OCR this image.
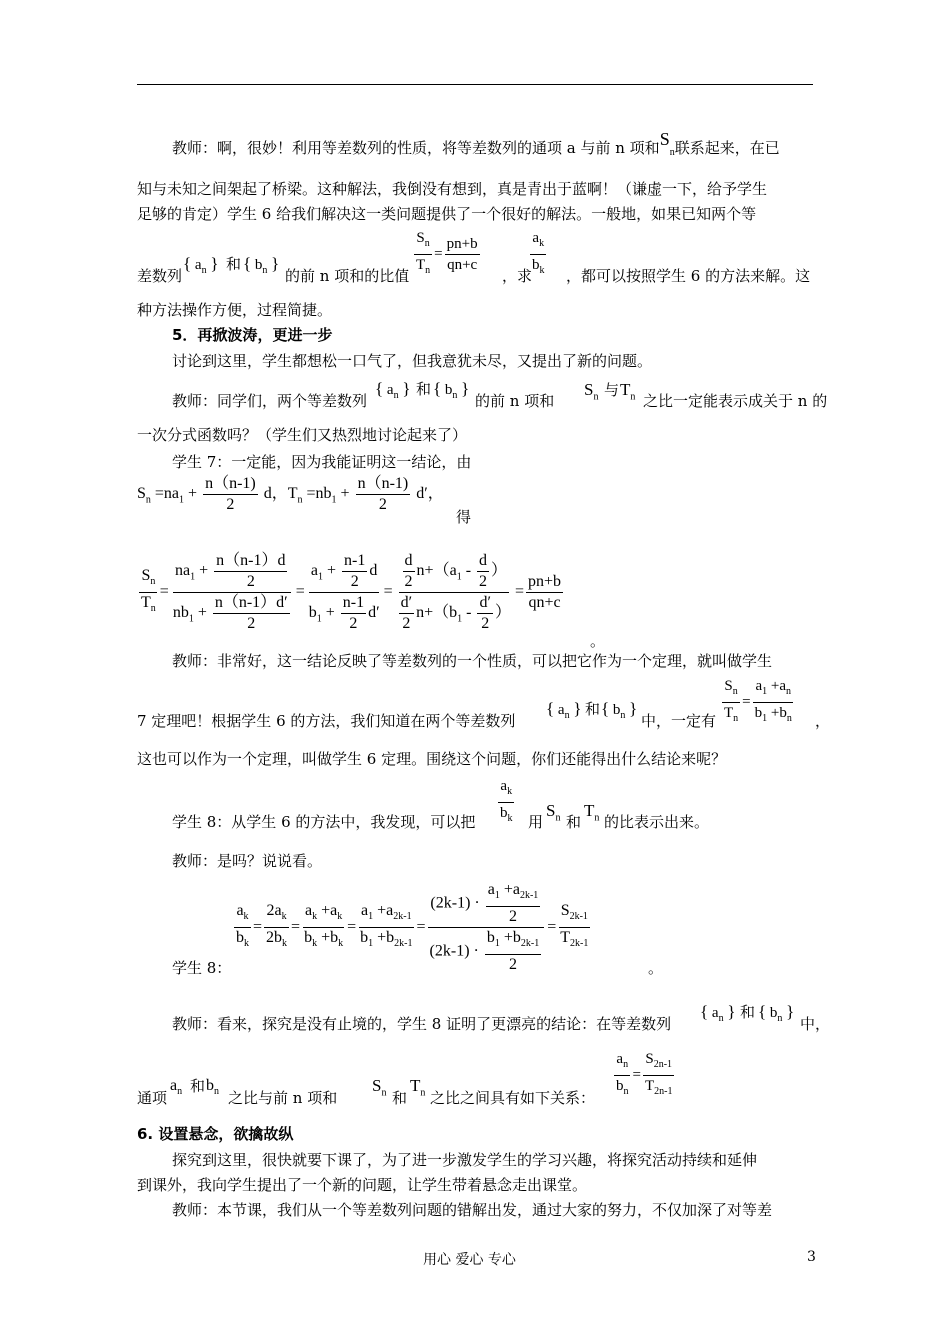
教师：啊，很妙！利用等差数列的性质，将等差数列的通项 a 与前 n 项和$S_n$联系起来，在已
知与未知之间架起了桥梁。这种解法，我倒没有想到，真是青出于蓝啊！（谦虚一下，给予学生
足够的肯定）学生 6 给我们解决这一类问题提供了一个很好的解法。一般地，如果已知两个等
差数列
{ $a_n$ } 和 { $b_n$ }
的前 n 项和的比值 $\frac{S_n}{T_n} = \frac{pn+b}{qn+c}$
，求
$\frac{a_k}{b_k}$ ，都可以按照学生 6 的方法来解。这
种方法操作方便，过程简捷。
5．再掀波涛，更进一步
讨论到这里，学生都想松一口气了，但我意犹未尽，又提出了新的问题。
教师：同学们，两个等差数列
{ $a_n$ } 和 { $b_n$ }
的前 n 项和
$S_n$ 与 $T_n$ 之比一定能表示成关于 n 的
一次分式函数吗？（学生们又热烈地讨论起来了）
学生 7：一定能，因为我能证明这一结论，由
$S_n =na_1 + \frac{n(n-1)}{2}$ d，$T_n =nb_1 + \frac{n(n-1)}{2} d'$，
得
$\frac{S_n}{T_n} = \frac{na_1 + \frac{n(n-1)d}{2}}{nb_1 + \frac{n(n-1)d'}{2}} = \frac{a_1 + \frac{n-1}{2} d}{b_1 + \frac{n-1}{2} d'} = \frac{\frac{d}{2} n+(a_1 - \frac{d}{2} )}{\frac{d'}{2} n+(b_1 - \frac{d'}{2} )} = \frac{pn+b}{qn+c}$
。
教师：非常好，这一结论反映了等差数列的一个性质，可以把它作为一个定理，就叫做学生
7 定理吧！根据学生 6 的方法，我们知道在两个等差数列
{ $a_n$ } 和 { $b_n$ }
中，一定有 $\frac{S_n}{T_n} = \frac{a_1 +a_n}{b_1 +b_n}$ ，
这也可以作为一个定理，叫做学生 6 定理。围绕这个问题，你们还能得出什么结论来呢？
学生 8：从学生 6 的方法中，我发现，可以把 $\frac{a_k}{b_k}$ 用
$S_n$ 和
$T_n$ 的比表示出来。
教师：是吗？说说看。
$\frac{a_k}{b_k} = \frac{2a_k}{2b_k} = \frac{a_k +a_k}{b_k +b_k} = \frac{a_1 +a_{2k-1}}{b_1 +b_{2k-1}} = \frac{(2k-1) \cdot \frac{a_1 +a_{2k-1}}{2}}{(2k-1) \cdot \frac{b_1 +b_{2k-1}}{2}} = \frac{S_{2k-1}}{T_{2k-1}}$
学生 8：	。
教师：看来，探究是没有止境的，学生 8 证明了更漂亮的结论：在等差数列
{ $a_n$ } 和 { $b_n$ }
中，
通项
$a_n$ 和 $b_n$ 之比与前 n 项和
$S_n$ 和
$T_n$ 之比之间具有如下关系： $\frac{a_n}{b_n} = \frac{S_{2n-1}}{T_{2n-1}}$
6. 设置悬念，欲擒故纵
探究到这里，很快就要下课了，为了进一步激发学生的学习兴趣，将探究活动持续和延伸
到课外，我向学生提出了一个新的问题，让学生带着悬念走出课堂。
教师：本节课，我们从一个等差数列问题的错解出发，通过大家的努力，不仅加深了对等差
用心 爱心 专心	3
